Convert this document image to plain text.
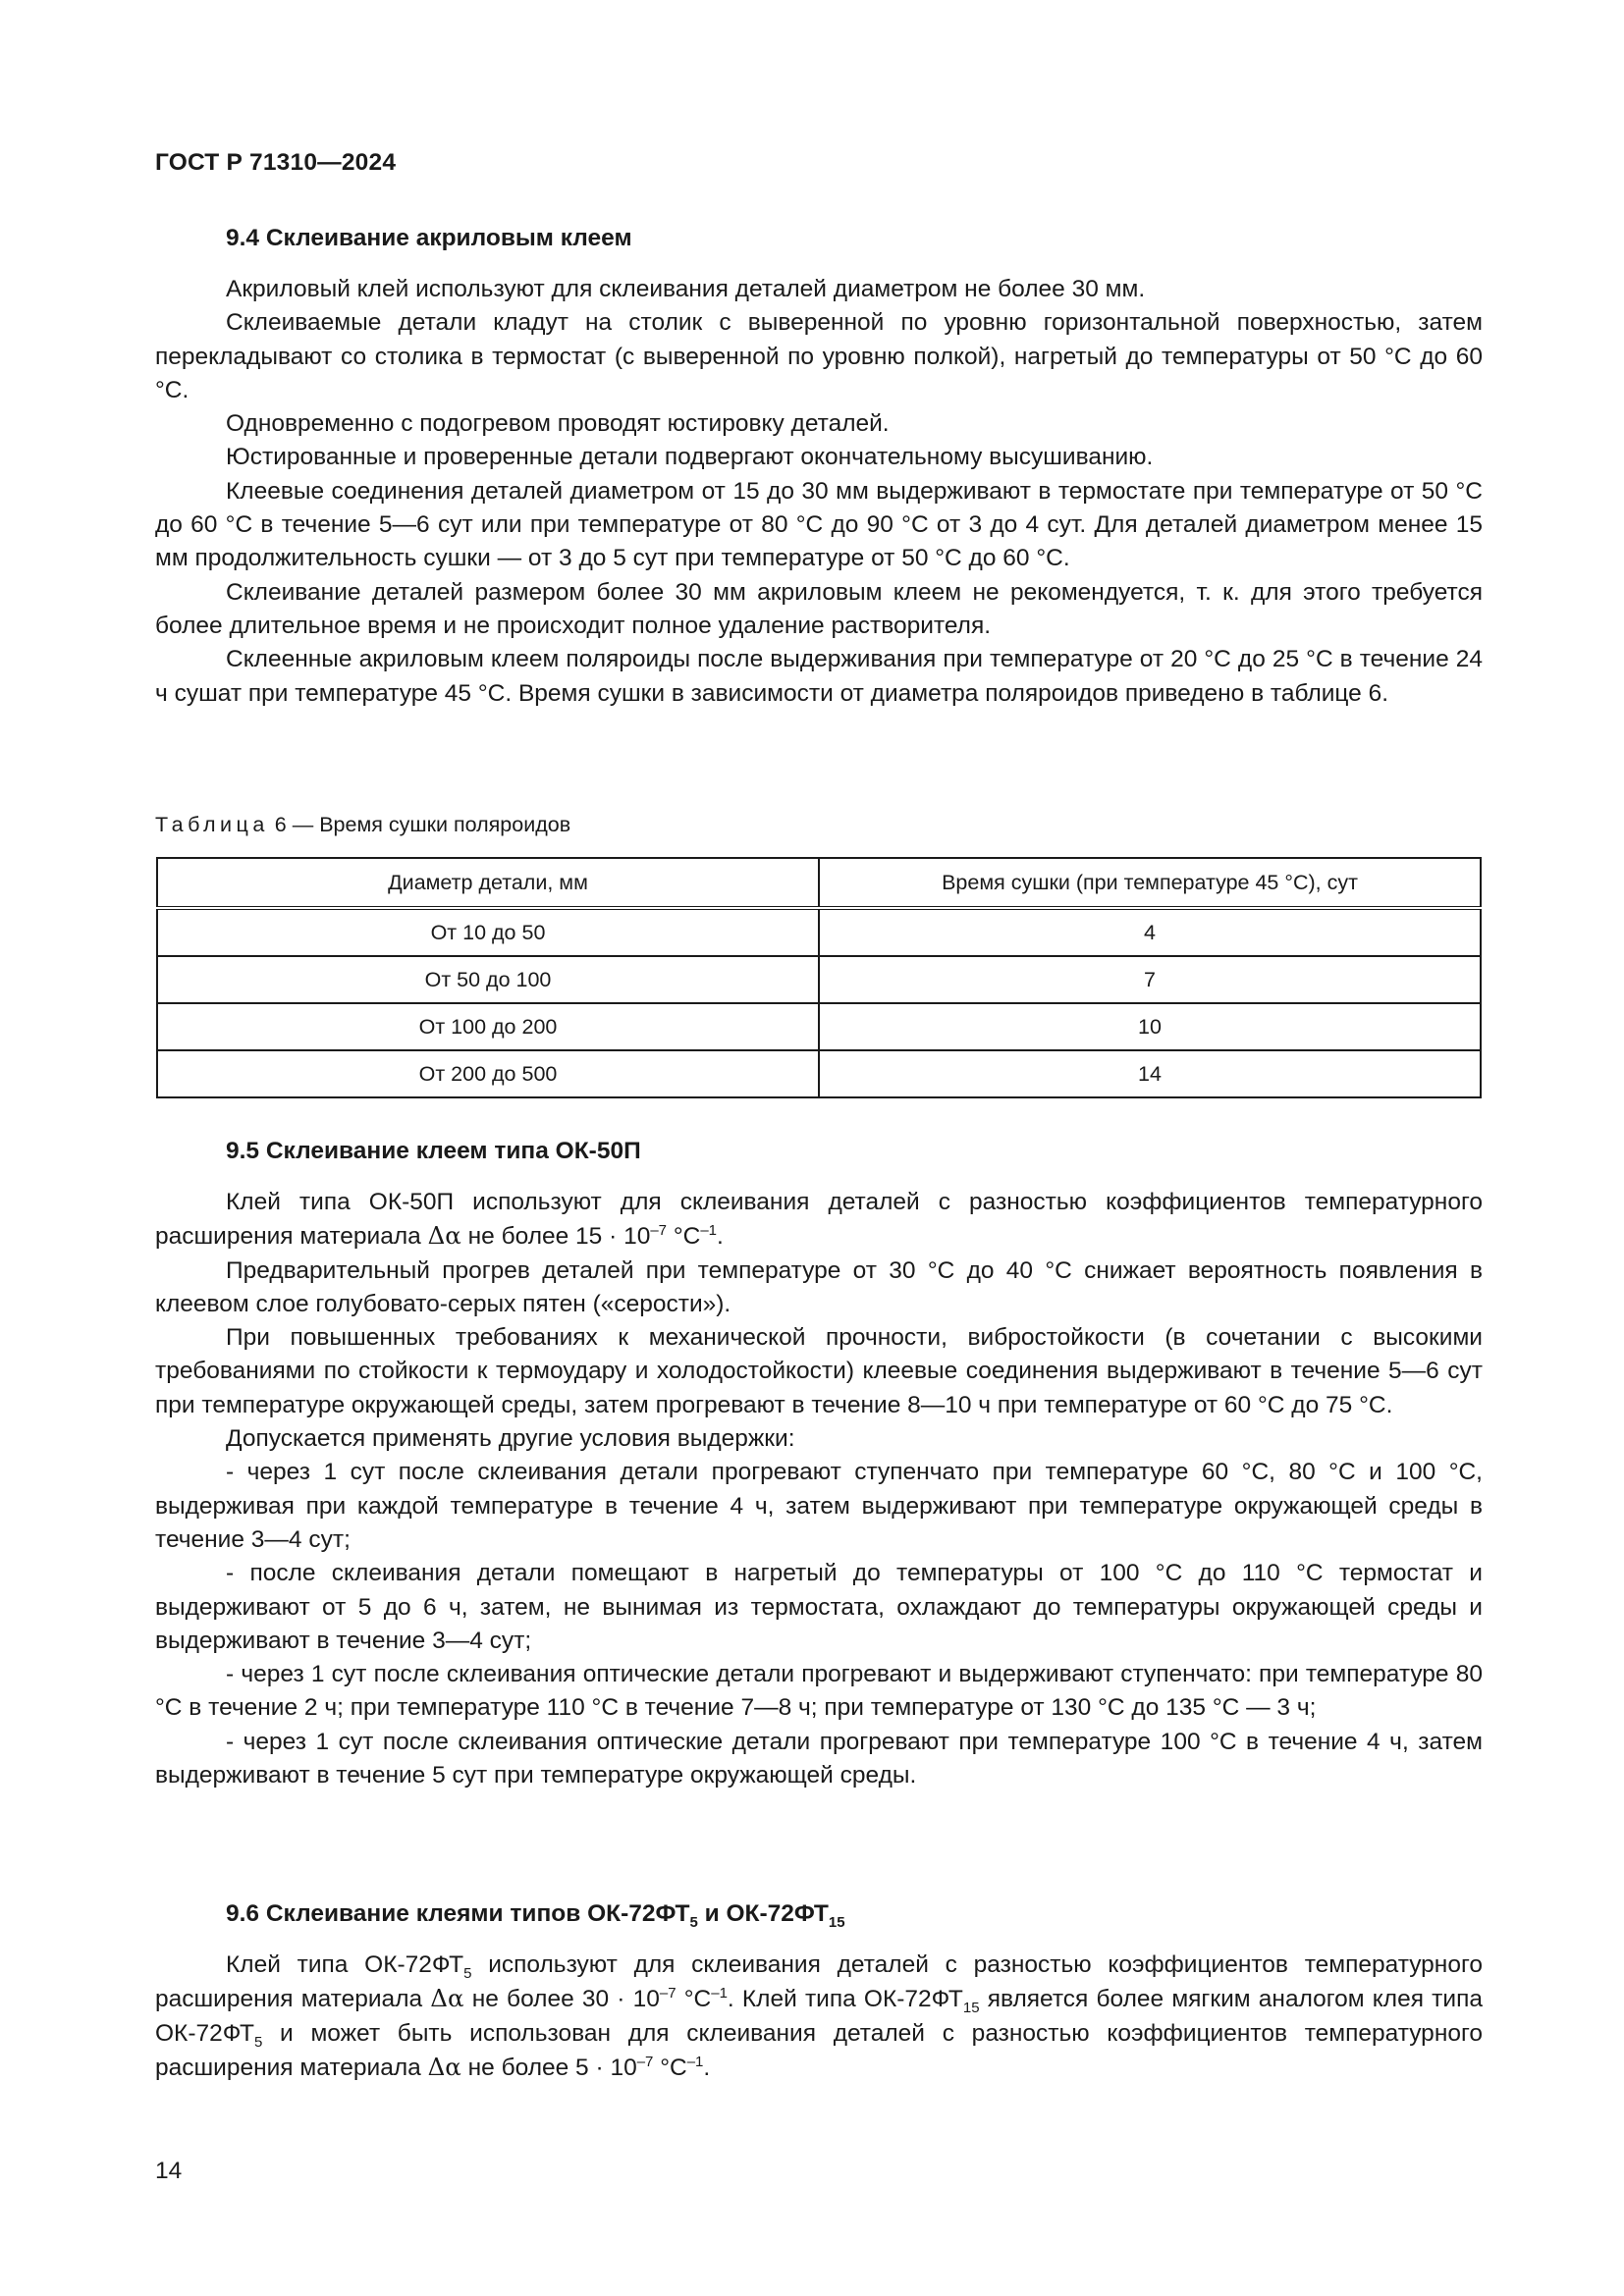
ГОСТ Р 71310—2024
9.4 Склеивание акриловым клеем

Акриловый клей используют для склеивания деталей диаметром не более 30 мм.

Склеиваемые детали кладут на столик с выверенной по уровню горизонтальной поверхностью, затем перекладывают со столика в термостат (с выверенной по уровню полкой), нагретый до температуры от 50 °С до 60 °С.

Одновременно с подогревом проводят юстировку деталей.

Юстированные и проверенные детали подвергают окончательному высушиванию.

Клеевые соединения деталей диаметром от 15 до 30 мм выдерживают в термостате при температуре от 50 °С до 60 °С в течение 5—6 сут или при температуре от 80 °С до 90 °С от 3 до 4 сут. Для деталей диаметром менее 15 мм продолжительность сушки — от 3 до 5 сут при температуре от 50 °С до 60 °С.

Склеивание деталей размером более 30 мм акриловым клеем не рекомендуется, т. к. для этого требуется более длительное время и не происходит полное удаление растворителя.

Склеенные акриловым клеем поляроиды после выдерживания при температуре от 20 °С до 25 °С в течение 24 ч сушат при температуре 45 °С. Время сушки в зависимости от диаметра поляроидов приведено в таблице 6.

Таблица 6 — Время сушки поляроидов
Диаметр детали, мм	Время сушки (при температуре 45 °С), сут
От 10 до 50	4
От 50 до 100	7
От 100 до 200	10
От 200 до 500	14
9.5 Склеивание клеем типа ОК-50П

Клей типа ОК-50П используют для склеивания деталей с разностью коэффициентов температурного расширения материала Δα не более $15 \cdot 10^{-7}$ $^\circ С^{-1}$.

Предварительный прогрев деталей при температуре от 30 °С до 40 °С снижает вероятность появления в клеевом слое голубовато-серых пятен («серости»).

При повышенных требованиях к механической прочности, вибростойкости (в сочетании с высокими требованиями по стойкости к термоудару и холодостойкости) клеевые соединения выдерживают в течение 5—6 сут при температуре окружающей среды, затем прогревают в течение 8—10 ч при температуре от 60 °С до 75 °С.

Допускается применять другие условия выдержки:

- через 1 сут после склеивания детали прогревают ступенчато при температуре 60 °С, 80 °С и 100 °С, выдерживая при каждой температуре в течение 4 ч, затем выдерживают при температуре окружающей среды в течение 3—4 сут;

- после склеивания детали помещают в нагретый до температуры от 100 °С до 110 °С термостат и выдерживают от 5 до 6 ч, затем, не вынимая из термостата, охлаждают до температуры окружающей среды и выдерживают в течение 3—4 сут;

- через 1 сут после склеивания оптические детали прогревают и выдерживают ступенчато: при температуре 80 °С в течение 2 ч; при температуре 110 °С в течение 7—8 ч; при температуре от 130 °С до 135 °С — 3 ч;

- через 1 сут после склеивания оптические детали прогревают при температуре 100 °С в течение 4 ч, затем выдерживают в течение 5 сут при температуре окружающей среды.

9.6 Склеивание клеями типов $ОК-72ФТ_5$ и $ОК-72ФТ_{15}$

Клей типа $ОК-72ФТ_5$ используют для склеивания деталей с разностью коэффициентов температурного расширения материала Δα не более $30 \cdot 10^{-7}$ $^\circ С^{-1}$. Клей типа $ОК-72ФТ_{15}$ является более мягким аналогом клея типа $ОК-72ФТ_5$ и может быть использован для склеивания деталей с разностью коэффициентов температурного расширения материала Δα не более $5 \cdot 10^{-7}$ $^\circ С^{-1}$.

14
